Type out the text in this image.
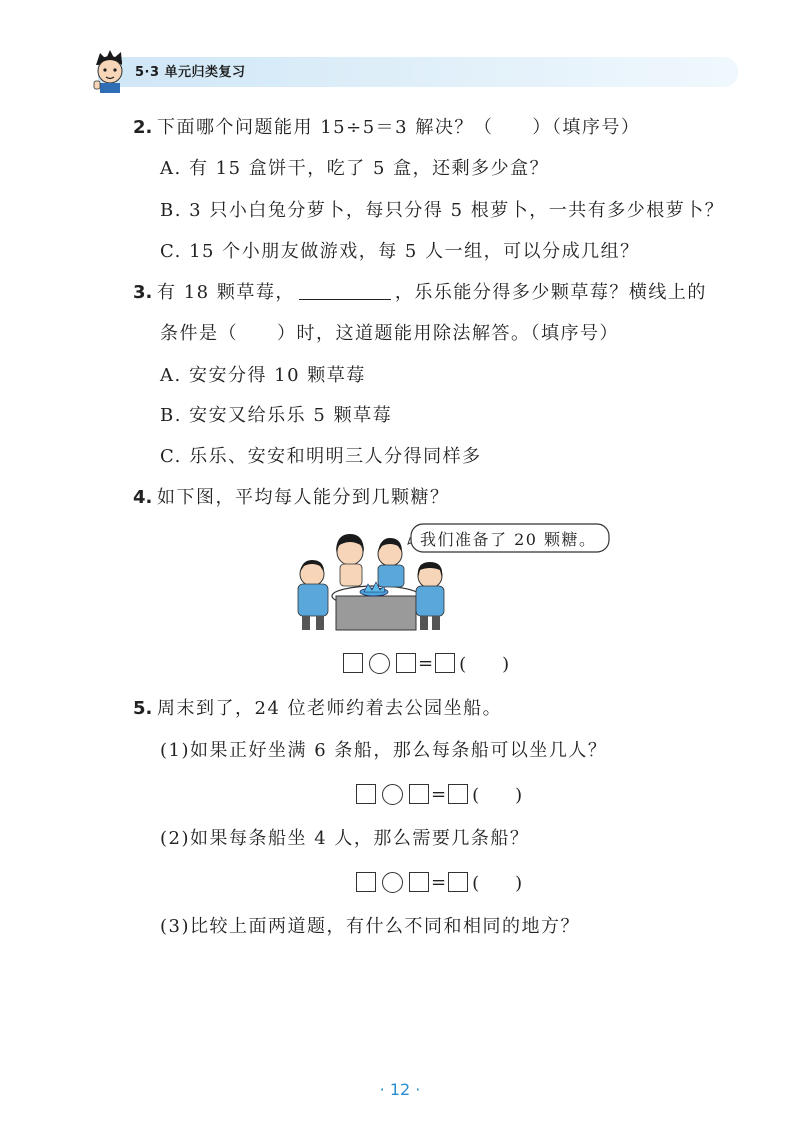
5·3 单元归类复习
2. 下面哪个问题能用 15÷5＝3 解决？（　　）（填序号）
A. 有 15 盒饼干，吃了 5 盒，还剩多少盒？
B. 3 只小白兔分萝卜，每只分得 5 根萝卜，一共有多少根萝卜？
C. 15 个小朋友做游戏，每 5 人一组，可以分成几组？
3. 有 18 颗草莓，	，乐乐能分得多少颗草莓？横线上的
条件是（　　）时，这道题能用除法解答。（填序号）
A. 安安分得 10 颗草莓
B. 安安又给乐乐 5 颗草莓
C. 乐乐、安安和明明三人分得同样多
4. 如下图，平均每人能分到几颗糖？
我们准备了 20 颗糖。
= (　　)
5. 周末到了，24 位老师约着去公园坐船。
(1)如果正好坐满 6 条船，那么每条船可以坐几人？
= (　　)
(2)如果每条船坐 4 人，那么需要几条船？
= (　　)
(3)比较上面两道题，有什么不同和相同的地方？
· 12 ·
